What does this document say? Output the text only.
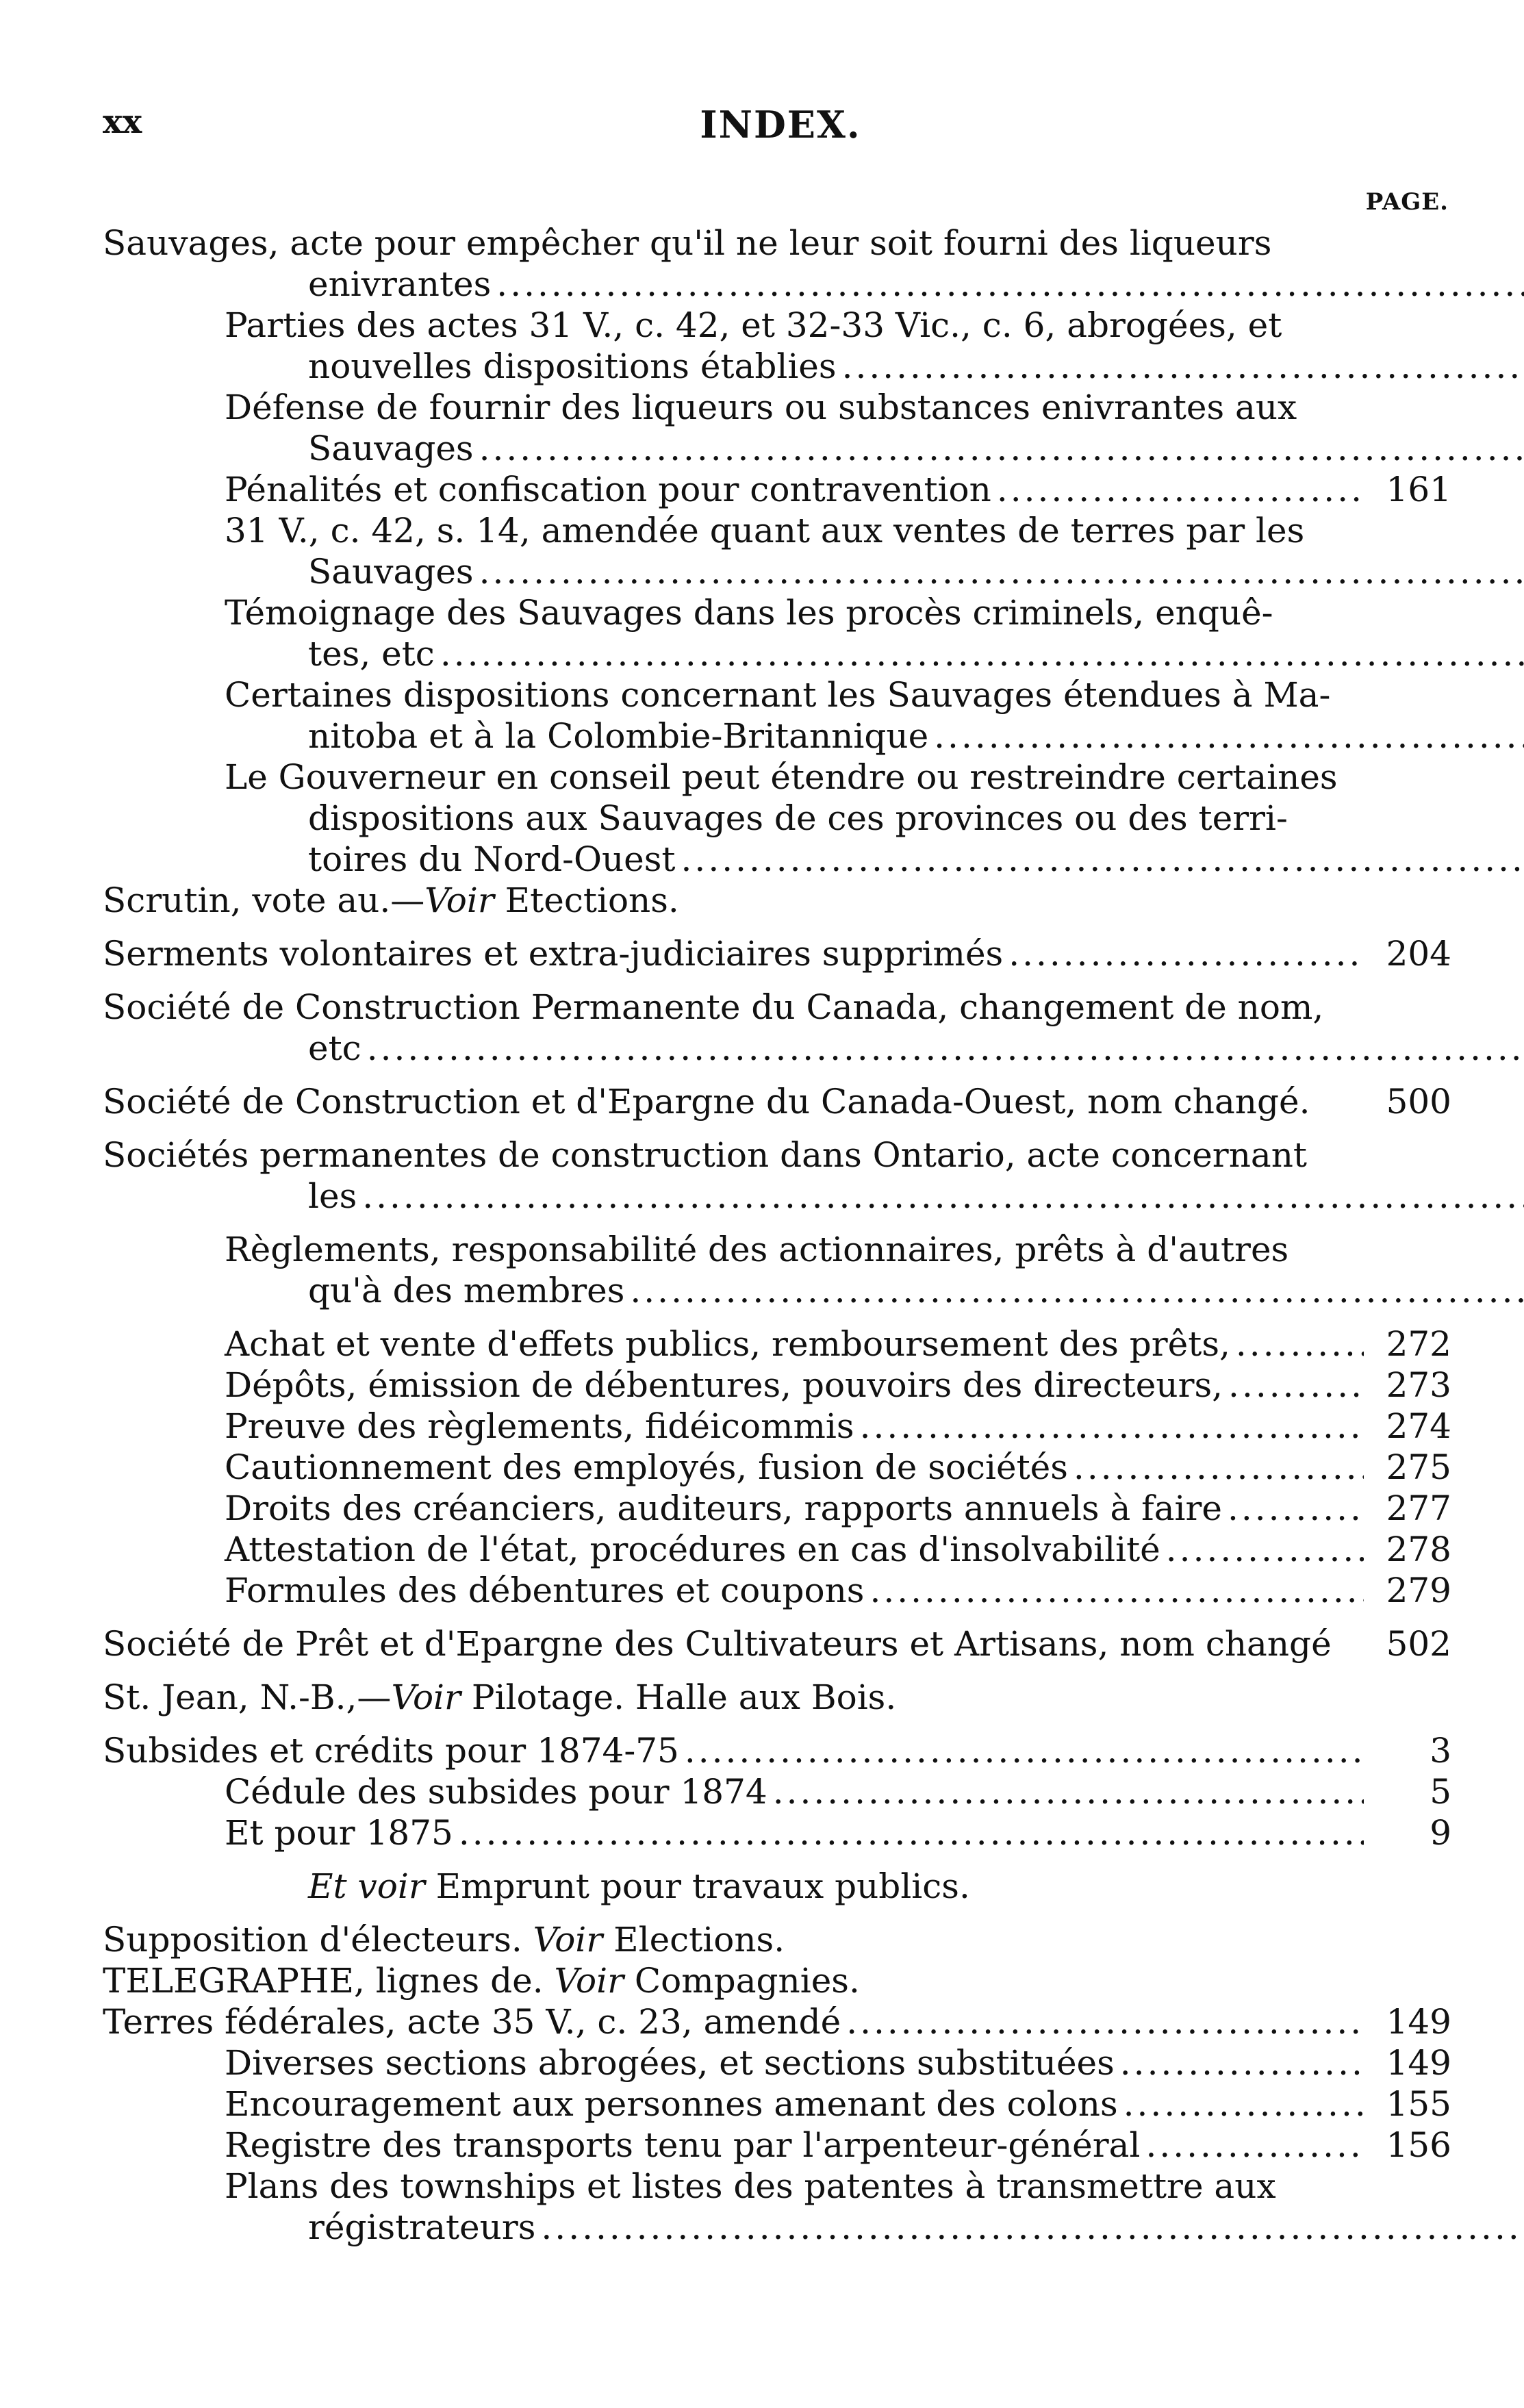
xx	INDEX.
PAGE.
Sauvages, acte pour empêcher qu'il ne leur soit fourni des liqueurs
enivrantes .....
Parties des actes 31 V., c. 42, et 32-33 Vic., c. 6, abrogées, et
nouvelles dispositions établies .....
Défense de fournir des liqueurs ou substances enivrantes aux
Sauvages .....
Pénalités et confiscation pour contravention .....	161
31 V., c. 42, s. 14, amendée quant aux ventes de terres par les
Sauvages .....
Témoignage des Sauvages dans les procès criminels, enquê-
tes, etc .....
Certaines dispositions concernant les Sauvages étendues à Ma-
nitoba et à la Colombie-Britannique .....
Le Gouverneur en conseil peut étendre ou restreindre certaines
dispositions aux Sauvages de ces provinces ou des terri-
toires du Nord-Ouest .....
Scrutin, vote au.—Voir Etections.
Serments volontaires et extra-judiciaires supprimés .....	204
Société de Construction Permanente du Canada, changement de nom,
etc .....
Société de Construction et d'Epargne du Canada-Ouest, nom changé.	500
Sociétés permanentes de construction dans Ontario, acte concernant
les .....
Règlements, responsabilité des actionnaires, prêts à d'autres
qu'à des membres .....
Achat et vente d'effets publics, remboursement des prêts, .....	272
Dépôts, émission de débentures, pouvoirs des directeurs, .....	273
Preuve des règlements, fidéicommis .....	274
Cautionnement des employés, fusion de sociétés .....	275
Droits des créanciers, auditeurs, rapports annuels à faire .....	277
Attestation de l'état, procédures en cas d'insolvabilité .....	278
Formules des débentures et coupons .....	279
Société de Prêt et d'Epargne des Cultivateurs et Artisans, nom changé	502
St. Jean, N.-B.,—Voir Pilotage. Halle aux Bois.
Subsides et crédits pour 1874-75 .....	3
Cédule des subsides pour 1874 .....	5
Et pour 1875 .....	9
Et voir Emprunt pour travaux publics.
Supposition d'électeurs. Voir Elections.
TELEGRAPHE, lignes de. Voir Compagnies.
Terres fédérales, acte 35 V., c. 23, amendé .....	149
Diverses sections abrogées, et sections substituées .....	149
Encouragement aux personnes amenant des colons .....	155
Registre des transports tenu par l'arpenteur-général .....	156
Plans des townships et listes des patentes à transmettre aux
régistrateurs .....
